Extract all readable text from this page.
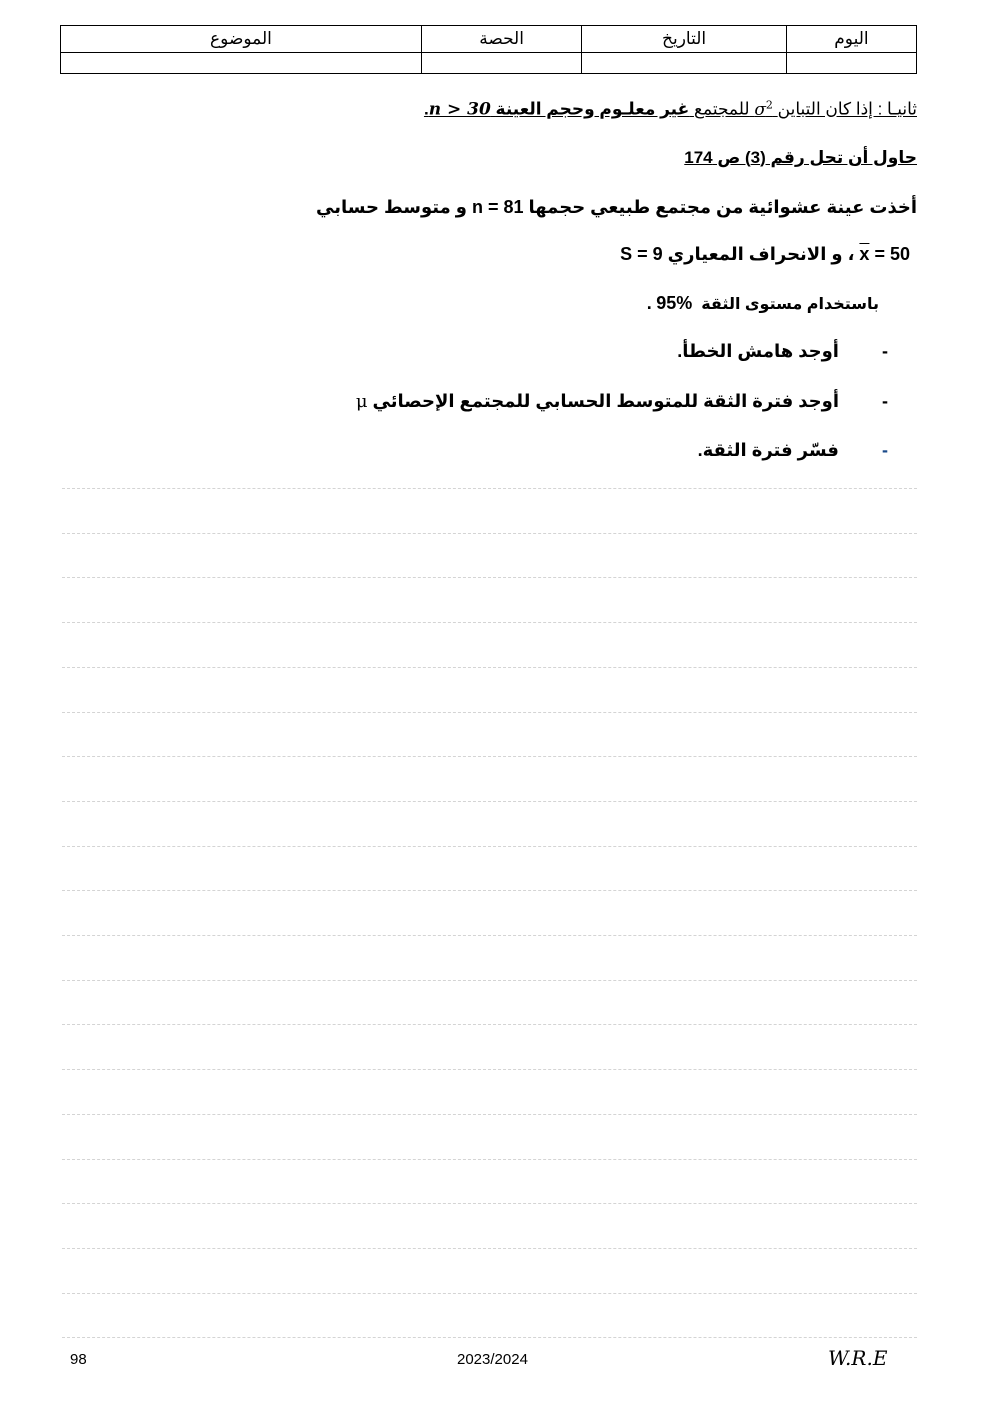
الموضوع	الحصة	التاريخ	اليوم

ثانيـا : إذا كان التباين $\sigma^2$ للمجتمع غير معلـوم وحجم العينة n > 30.
حاول أن تحل رقم (3) ص 174
أخذت عينة عشوائية من مجتمع طبيعي حجمها n = 81 و متوسط حسابي
$\overline{x} = 50$ ، و الانحراف المعياري S = 9
باستخدام مستوى الثقة  95% .
-   أوجد هامش الخطأ.
-   أوجد فترة الثقة للمتوسط الحسابي للمجتمع الإحصائي μ
-   فسّر فترة الثقة.
98	2023/2024	W.R.E
